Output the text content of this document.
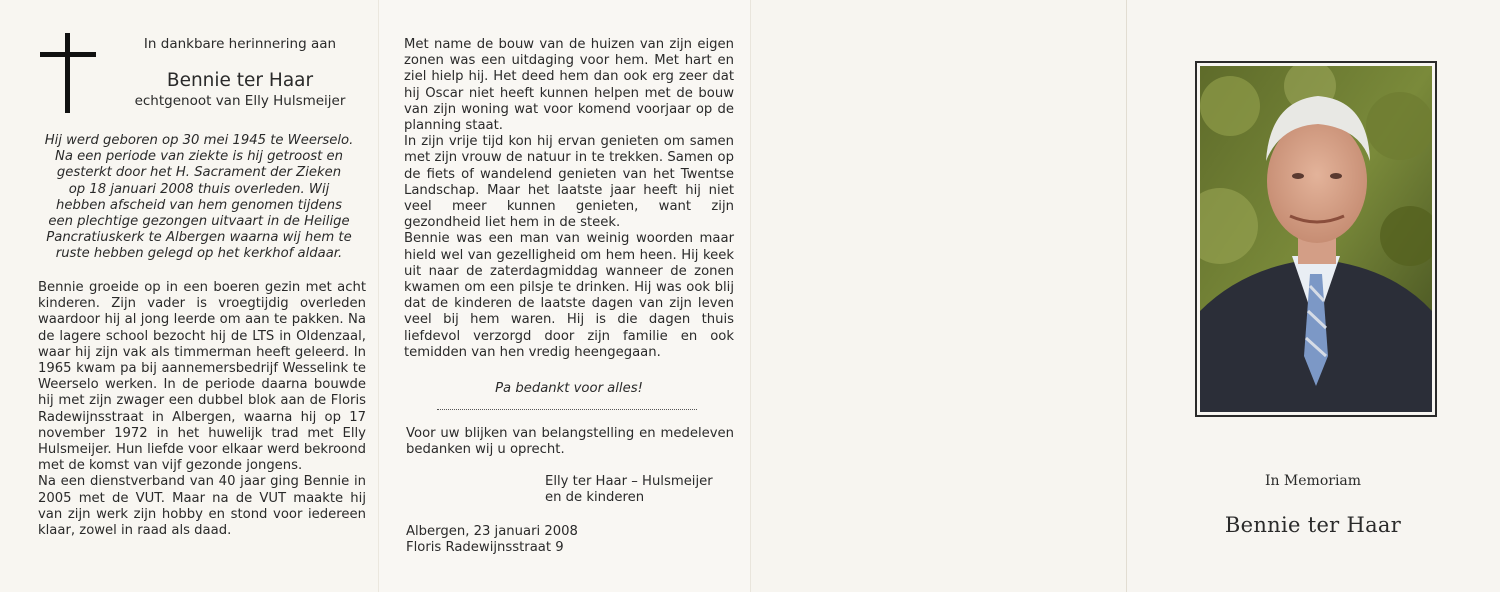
In dankbare herinnering aan
Bennie ter Haar
echtgenoot van Elly Hulsmeijer
Hij werd geboren op 30 mei 1945 te Weerselo.
Na een periode van ziekte is hij getroost en
gesterkt door het H. Sacrament der Zieken
op 18 januari 2008 thuis overleden. Wij
hebben afscheid van hem genomen tijdens
een plechtige gezongen uitvaart in de Heilige
Pancratiuskerk te Albergen waarna wij hem te
ruste hebben gelegd op het kerkhof aldaar.

Bennie groeide op in een boeren gezin met acht kinderen. Zijn vader is vroegtijdig overleden waardoor hij al jong leerde om aan te pakken. Na de lagere school bezocht hij de LTS in Oldenzaal, waar hij zijn vak als timmerman heeft geleerd. In 1965 kwam pa bij aannemersbedrijf Wesselink te Weerselo werken. In de periode daarna bouwde hij met zijn zwager een dubbel blok aan de Floris Radewijnsstraat in Albergen, waarna hij op 17 november 1972 in het huwelijk trad met Elly Hulsmeijer. Hun liefde voor elkaar werd bekroond met de komst van vijf gezonde jongens.

Na een dienstverband van 40 jaar ging Bennie in 2005 met de VUT. Maar na de VUT maakte hij van zijn werk zijn hobby en stond voor iedereen klaar, zowel in raad als daad.

Met name de bouw van de huizen van zijn eigen zonen was een uitdaging voor hem. Met hart en ziel hielp hij. Het deed hem dan ook erg zeer dat hij Oscar niet heeft kunnen helpen met de bouw van zijn woning wat voor komend voorjaar op de planning staat.

In zijn vrije tijd kon hij ervan genieten om samen met zijn vrouw de natuur in te trekken. Samen op de fiets of wandelend genieten van het Twentse Landschap. Maar het laatste jaar heeft hij niet veel meer kunnen genieten, want zijn gezondheid liet hem in de steek.

Bennie was een man van weinig woorden maar hield wel van gezelligheid om hem heen. Hij keek uit naar de zaterdagmiddag wanneer de zonen kwamen om een pilsje te drinken. Hij was ook blij dat de kinderen de laatste dagen van zijn leven veel bij hem waren. Hij is die dagen thuis liefdevol verzorgd door zijn familie en ook temidden van hen vredig heengegaan.

Pa bedankt voor alles!
Voor uw blijken van belangstelling en medeleven bedanken wij u oprecht.
Elly ter Haar – Hulsmeijer
en de kinderen
Albergen, 23 januari 2008
Floris Radewijnsstraat 9
In Memoriam
Bennie ter Haar
